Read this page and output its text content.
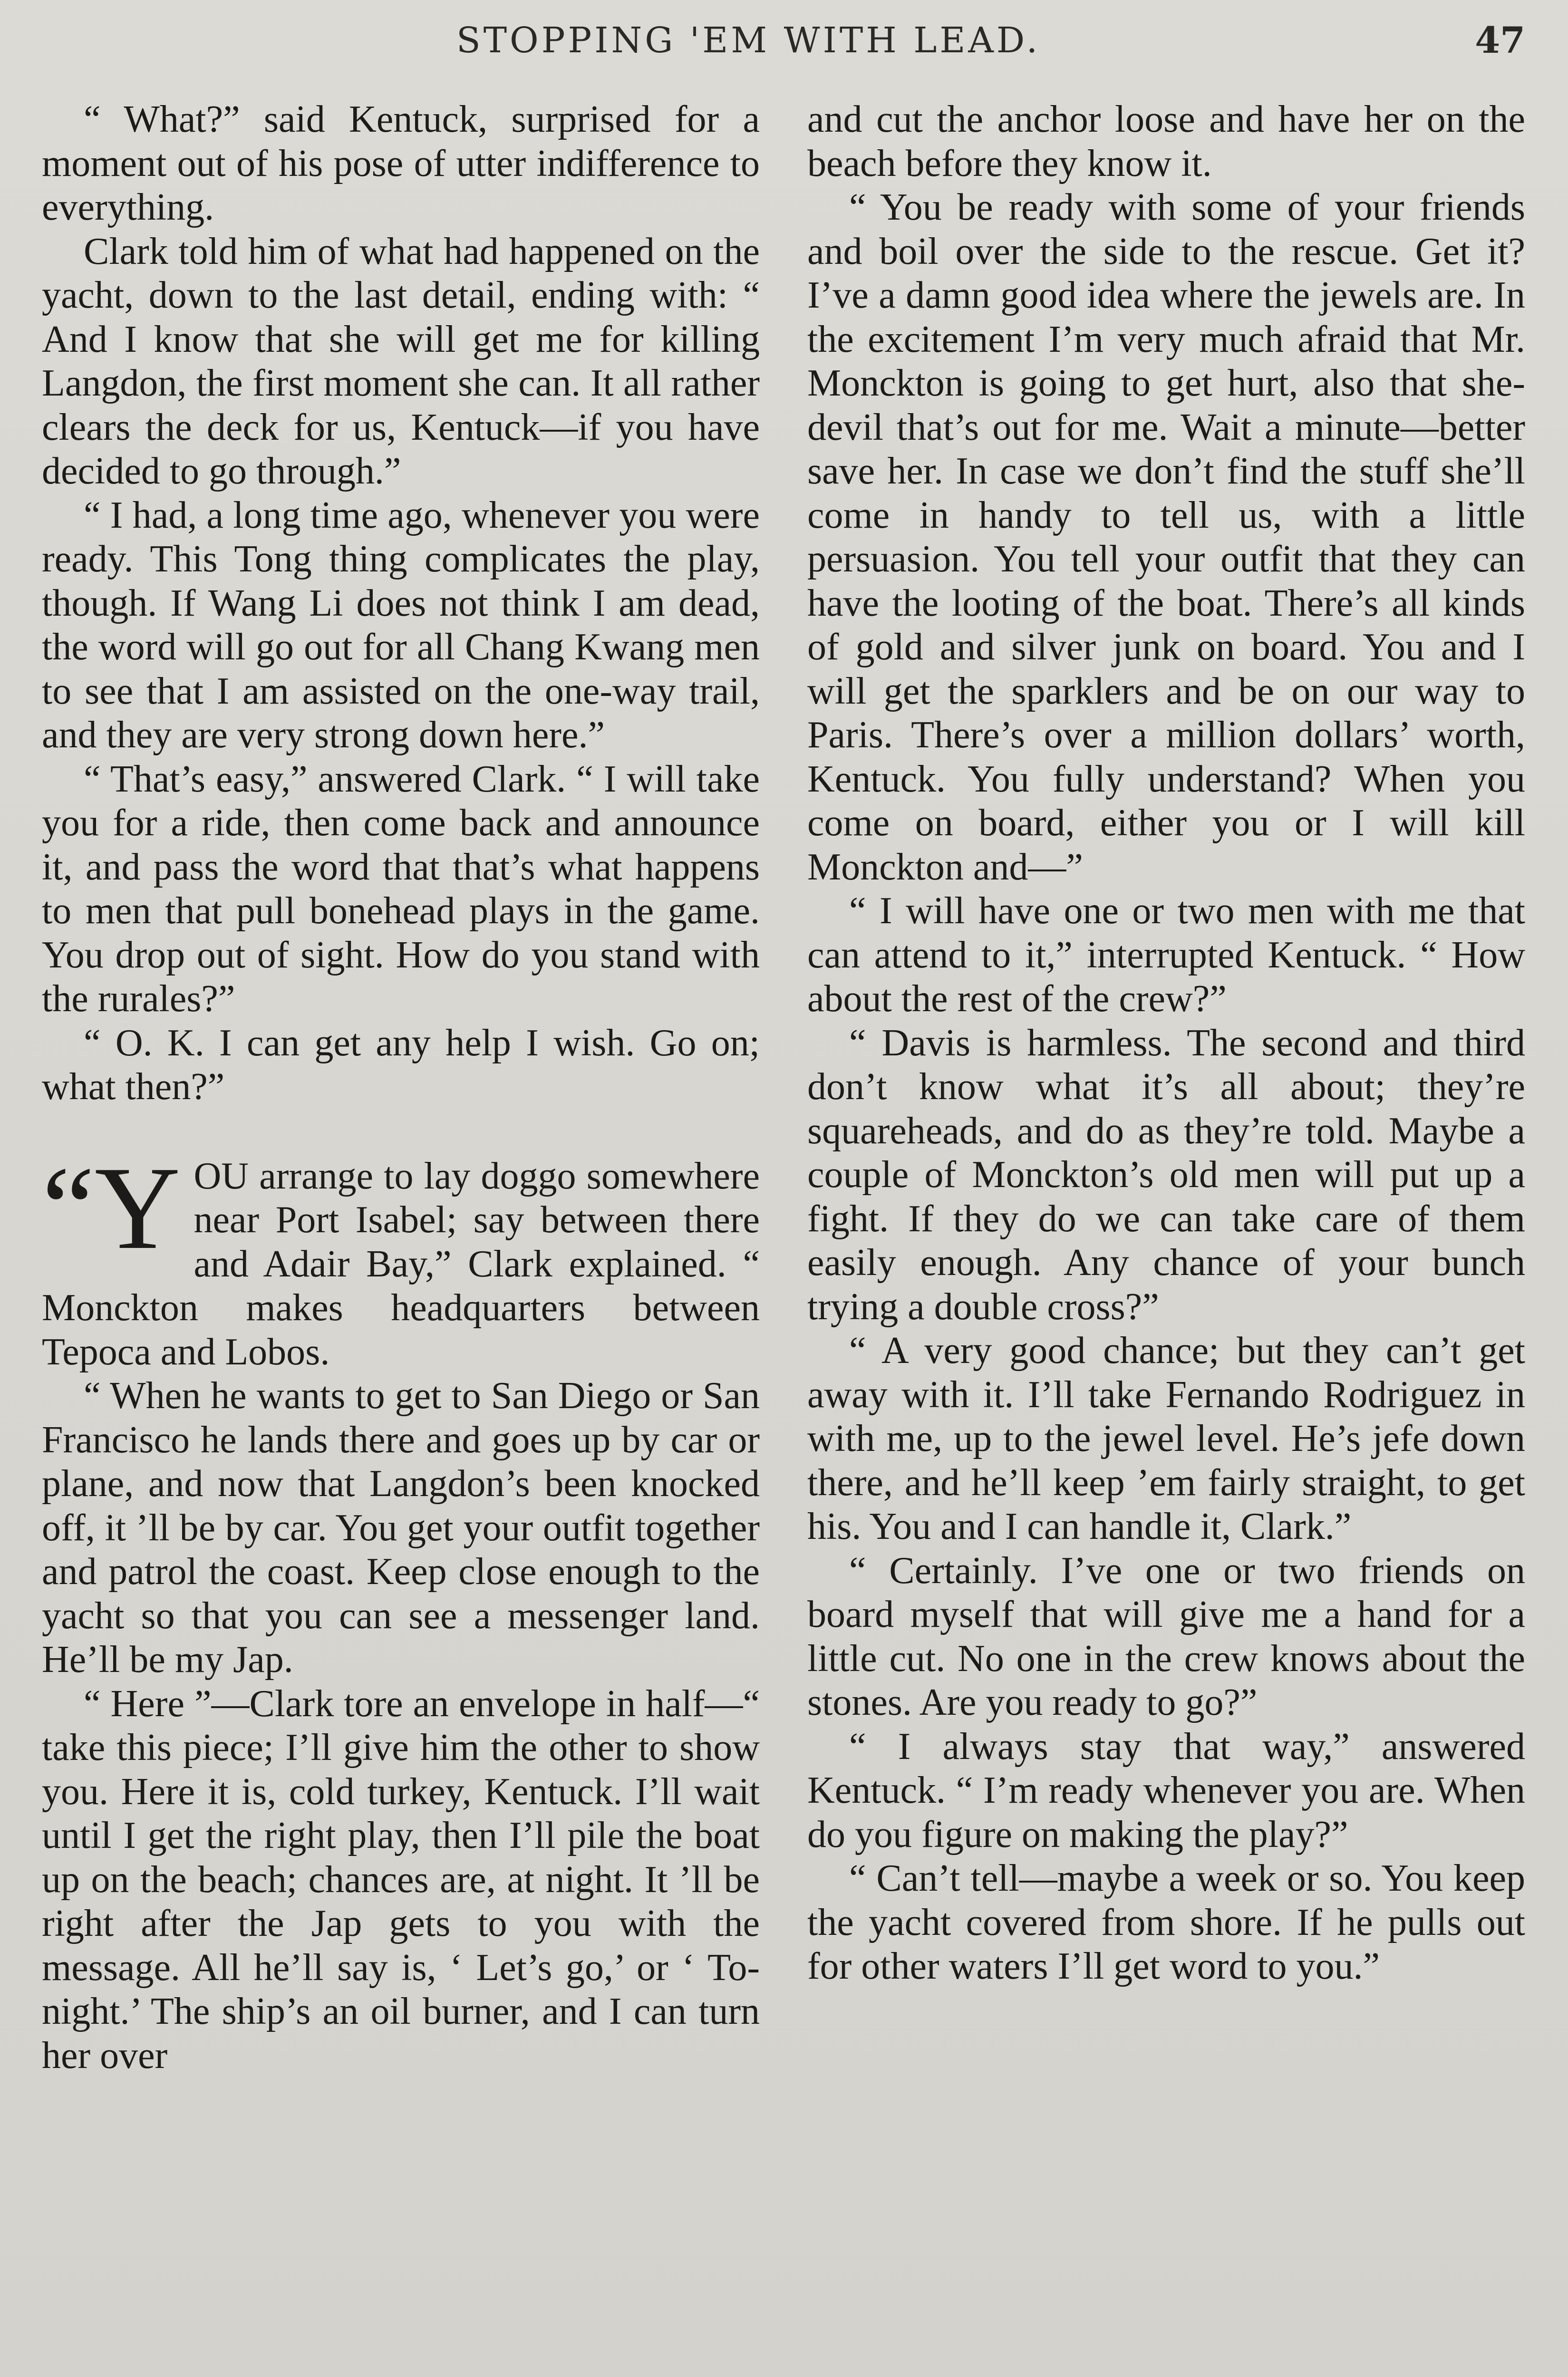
STOPPING 'EM WITH LEAD.	47

“ What?” said Kentuck, surprised for a moment out of his pose of utter indifference to everything.

Clark told him of what had happened on the yacht, down to the last detail, ending with: “ And I know that she will get me for killing Langdon, the first moment she can. It all rather clears the deck for us, Kentuck—if you have decided to go through.”

“ I had, a long time ago, whenever you were ready. This Tong thing complicates the play, though. If Wang Li does not think I am dead, the word will go out for all Chang Kwang men to see that I am assisted on the one-way trail, and they are very strong down here.”

“ That’s easy,” answered Clark. “ I will take you for a ride, then come back and announce it, and pass the word that that’s what happens to men that pull bonehead plays in the game. You drop out of sight. How do you stand with the rurales?”

“ O. K. I can get any help I wish. Go on; what then?”

“Y OU arrange to lay doggo somewhere near Port Isabel; say between there and Adair Bay,” Clark explained. “ Monckton makes headquarters between Tepoca and Lobos.

“ When he wants to get to San Diego or San Francisco he lands there and goes up by car or plane, and now that Langdon’s been knocked off, it ’ll be by car. You get your outfit together and patrol the coast. Keep close enough to the yacht so that you can see a messenger land. He’ll be my Jap.

“ Here ”—Clark tore an envelope in half—“ take this piece; I’ll give him the other to show you. Here it is, cold turkey, Kentuck. I’ll wait until I get the right play, then I’ll pile the boat up on the beach; chances are, at night. It ’ll be right after the Jap gets to you with the message. All he’ll say is, ‘ Let’s go,’ or ‘ To-night.’ The ship’s an oil burner, and I can turn her over

and cut the anchor loose and have her on the beach before they know it.

“ You be ready with some of your friends and boil over the side to the rescue. Get it? I’ve a damn good idea where the jewels are. In the excitement I’m very much afraid that Mr. Monckton is going to get hurt, also that she-devil that’s out for me. Wait a minute—better save her. In case we don’t find the stuff she’ll come in handy to tell us, with a little persuasion. You tell your outfit that they can have the looting of the boat. There’s all kinds of gold and silver junk on board. You and I will get the sparklers and be on our way to Paris. There’s over a million dollars’ worth, Kentuck. You fully understand? When you come on board, either you or I will kill Monckton and—”

“ I will have one or two men with me that can attend to it,” interrupted Kentuck. “ How about the rest of the crew?”

“ Davis is harmless. The second and third don’t know what it’s all about; they’re squareheads, and do as they’re told. Maybe a couple of Monckton’s old men will put up a fight. If they do we can take care of them easily enough. Any chance of your bunch trying a double cross?”

“ A very good chance; but they can’t get away with it. I’ll take Fernando Rodriguez in with me, up to the jewel level. He’s jefe down there, and he’ll keep ’em fairly straight, to get his. You and I can handle it, Clark.”

“ Certainly. I’ve one or two friends on board myself that will give me a hand for a little cut. No one in the crew knows about the stones. Are you ready to go?”

“ I always stay that way,” answered Kentuck. “ I’m ready whenever you are. When do you figure on making the play?”

“ Can’t tell—maybe a week or so. You keep the yacht covered from shore. If he pulls out for other waters I’ll get word to you.”
